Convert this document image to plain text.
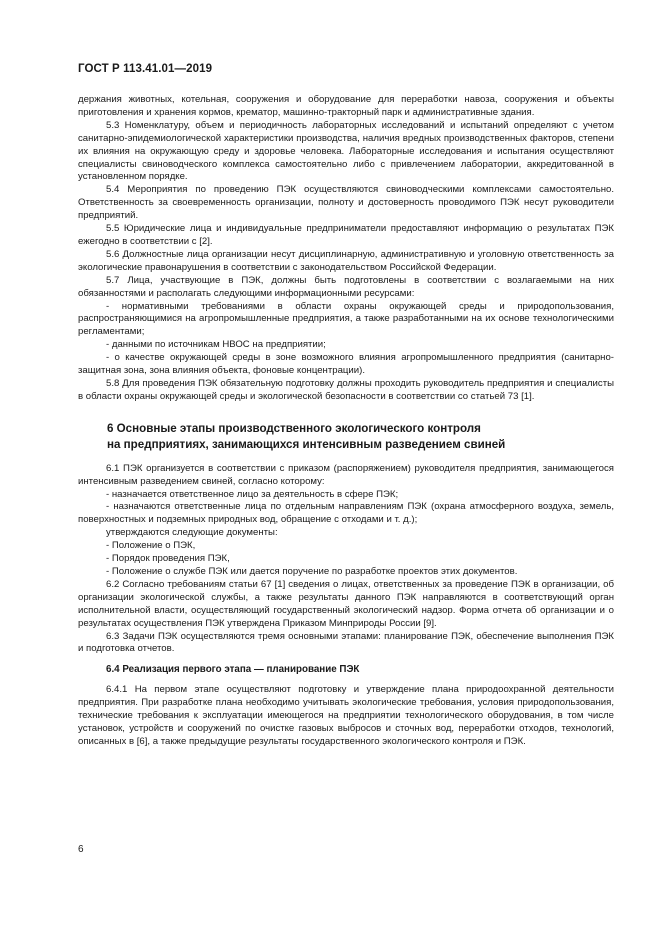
ГОСТ Р 113.41.01—2019

держания животных, котельная, сооружения и оборудование для переработки навоза, сооружения и объекты приготовления и хранения кормов, крематор, машинно-тракторный парк и административные здания.

5.3 Номенклатуру, объем и периодичность лабораторных исследований и испытаний определяют с учетом санитарно-эпидемиологической характеристики производства, наличия вредных производственных факторов, степени их влияния на окружающую среду и здоровье человека. Лабораторные исследования и испытания осуществляют специалисты свиноводческого комплекса самостоятельно либо с привлечением лаборатории, аккредитованной в установленном порядке.

5.4 Мероприятия по проведению ПЭК осуществляются свиноводческими комплексами самостоятельно. Ответственность за своевременность организации, полноту и достоверность проводимого ПЭК несут руководители предприятий.

5.5 Юридические лица и индивидуальные предприниматели предоставляют информацию о результатах ПЭК ежегодно в соответствии с [2].

5.6 Должностные лица организации несут дисциплинарную, административную и уголовную ответственность за экологические правонарушения в соответствии с законодательством Российской Федерации.

5.7 Лица, участвующие в ПЭК, должны быть подготовлены в соответствии с возлагаемыми на них обязанностями и располагать следующими информационными ресурсами:

- нормативными требованиями в области охраны окружающей среды и природопользования, распространяющимися на агропромышленные предприятия, а также разработанными на их основе технологическими регламентами;

- данными по источникам НВОС на предприятии;

- о качестве окружающей среды в зоне возможного влияния агропромышленного предприятия (санитарно-защитная зона, зона влияния объекта, фоновые концентрации).

5.8 Для проведения ПЭК обязательную подготовку должны проходить руководитель предприятия и специалисты в области охраны окружающей среды и экологической безопасности в соответствии со статьей 73 [1].

6 Основные этапы производственного экологического контроля
на предприятиях, занимающихся интенсивным разведением свиней

6.1 ПЭК организуется в соответствии с приказом (распоряжением) руководителя предприятия, занимающегося интенсивным разведением свиней, согласно которому:

- назначается ответственное лицо за деятельность в сфере ПЭК;

- назначаются ответственные лица по отдельным направлениям ПЭК (охрана атмосферного воздуха, земель, поверхностных и подземных природных вод, обращение с отходами и т. д.);

утверждаются следующие документы:

- Положение о ПЭК,

- Порядок проведения ПЭК,

- Положение о службе ПЭК или дается поручение по разработке проектов этих документов.

6.2 Согласно требованиям статьи 67 [1] сведения о лицах, ответственных за проведение ПЭК в организации, об организации экологической службы, а также результаты данного ПЭК направляются в соответствующий орган исполнительной власти, осуществляющий государственный экологический надзор. Форма отчета об организации и о результатах осуществления ПЭК утверждена Приказом Минприроды России [9].

6.3 Задачи ПЭК осуществляются тремя основными этапами: планирование ПЭК, обеспечение выполнения ПЭК и подготовка отчетов.

6.4 Реализация первого этапа — планирование ПЭК

6.4.1 На первом этапе осуществляют подготовку и утверждение плана природоохранной деятельности предприятия. При разработке плана необходимо учитывать экологические требования, условия природопользования, технические требования к эксплуатации имеющегося на предприятии технологического оборудования, в том числе установок, устройств и сооружений по очистке газовых выбросов и сточных вод, переработки отходов, технологий, описанных в [6], а также предыдущие результаты государственного экологического контроля и ПЭК.

6
